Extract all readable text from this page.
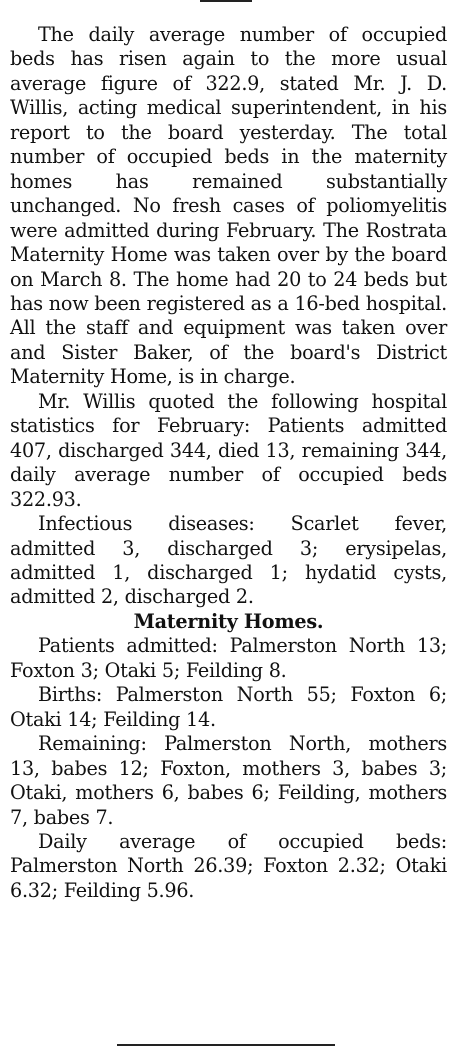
The daily average number of occupied beds has risen again to the more usual average figure of 322.9, stated Mr. J. D. Willis, acting medical superintendent, in his report to the board yesterday. The total number of occupied beds in the maternity homes has remained substantially unchanged. No fresh cases of poliomyelitis were admitted during February. The Rostrata Maternity Home was taken over by the board on March 8. The home had 20 to 24 beds but has now been registered as a 16-bed hospital. All the staff and equipment was taken over and Sister Baker, of the board's District Maternity Home, is in charge.

Mr. Willis quoted the following hospital statistics for February: Patients admitted 407, discharged 344, died 13, remaining 344, daily average number of occupied beds 322.93.

Infectious diseases: Scarlet fever, admitted 3, discharged 3; erysipelas, admitted 1, discharged 1; hydatid cysts, admitted 2, discharged 2.

Maternity Homes.

Patients admitted: Palmerston North 13; Foxton 3; Otaki 5; Feilding 8.

Births: Palmerston North 55; Foxton 6; Otaki 14; Feilding 14.

Remaining: Palmerston North, mothers 13, babes 12; Foxton, mothers 3, babes 3; Otaki, mothers 6, babes 6; Feilding, mothers 7, babes 7.

Daily average of occupied beds: Palmerston North 26.39; Foxton 2.32; Otaki 6.32; Feilding 5.96.
